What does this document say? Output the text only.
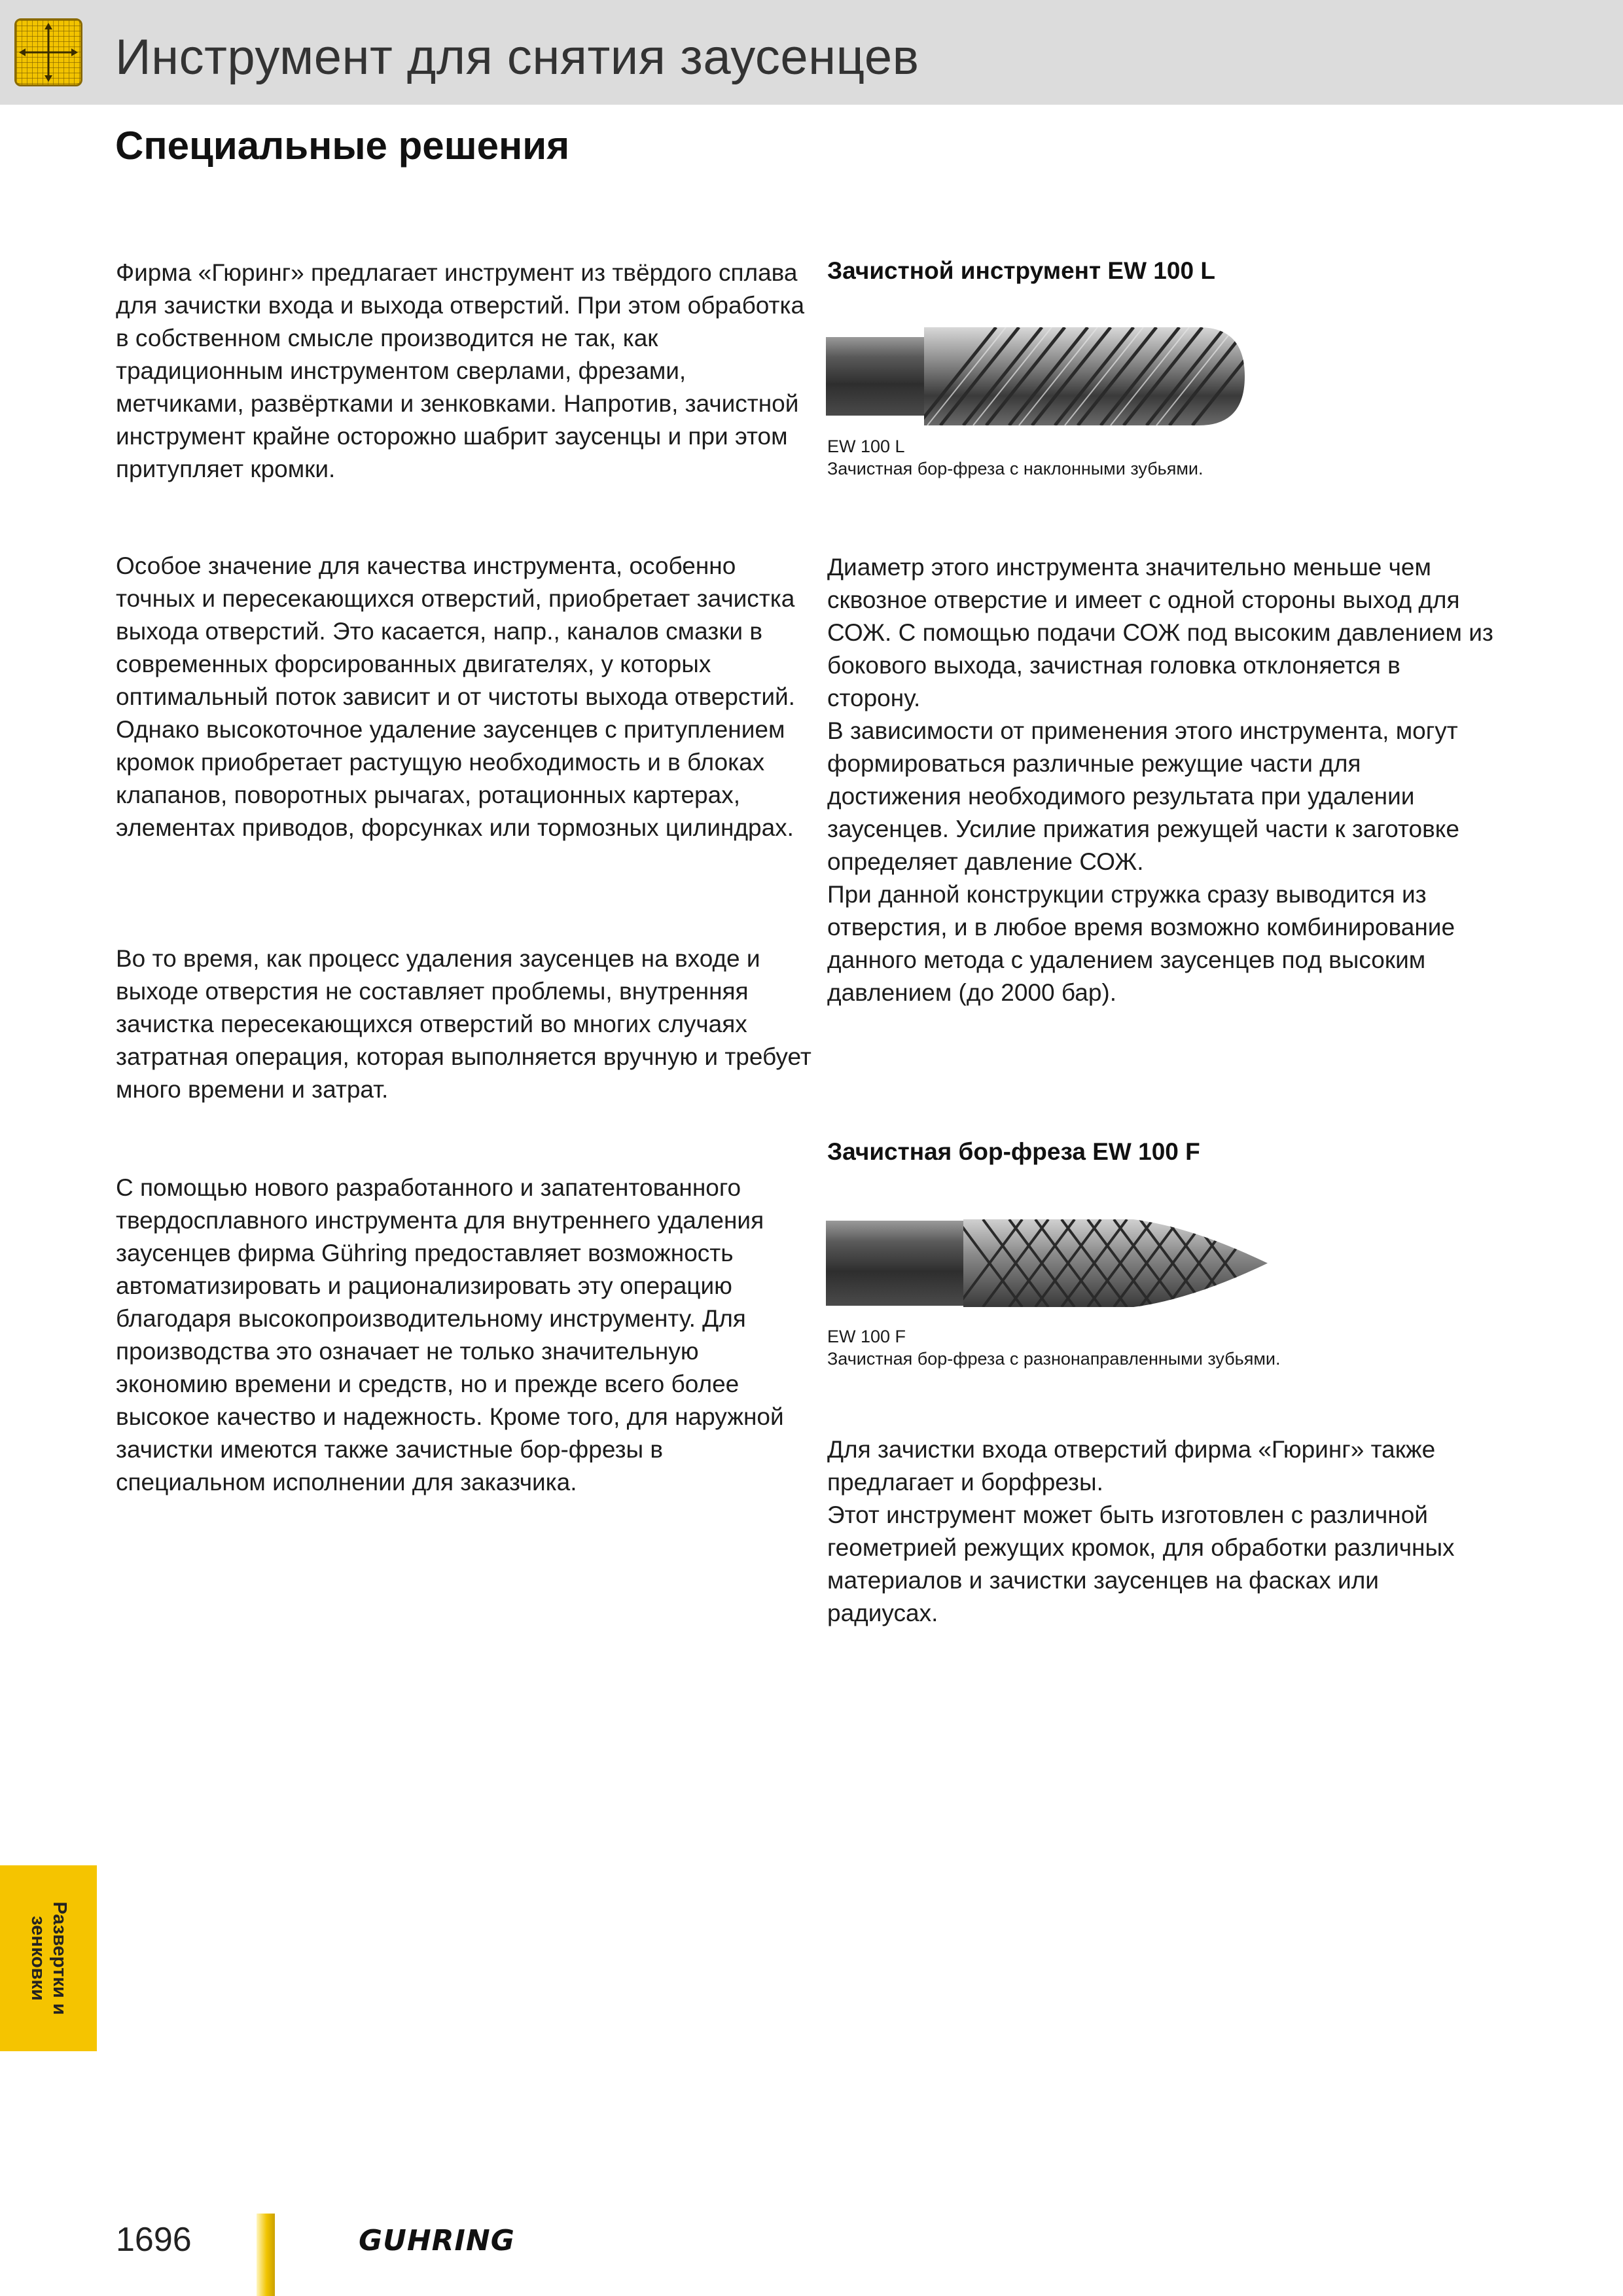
Инструмент для снятия заусенцев
Специальные решения

Фирма «Гюринг» предлагает инструмент из твёрдого сплава для зачистки входа и выхода отверстий. При этом обработка в собственном смысле производится не так, как традиционным инструментом сверлами, фрезами, метчиками, развёртками и зенковками. Напротив, зачистной инструмент крайне осторожно шабрит заусенцы и при этом притупляет кромки.

Особое значение для качества инструмента, особенно точных и пересекающихся отверстий, приобретает зачистка выхода отверстий. Это касается, напр., каналов смазки в современных форсированных двигателях, у которых оптимальный поток зависит и от чистоты выхода отверстий. Однако высокоточное удаление заусенцев с притуплением кромок приобретает растущую необходимость и в блоках клапанов, поворотных рычагах, ротационных картерах, элементах приводов, форсунках или тормозных цилиндрах.

Во то время, как процесс удаления заусенцев на входе и выходе отверстия не составляет проблемы, внутренняя зачистка пересекающихся отверстий во многих случаях затратная операция, которая выполняется вручную и требует много времени и затрат.

С помощью нового разработанного и запатентованного твердосплавного инструмента для внутреннего удаления заусенцев фирма Gühring предоставляет возможность автоматизировать и рационализировать эту операцию благодаря высокопроизводительному инструменту. Для производства это означает не только значительную экономию времени и средств, но и прежде всего более высокое качество и надежность. Кроме того, для наружной зачистки имеются также зачистные бор-фрезы в специальном исполнении для заказчика.

Зачистной инструмент EW 100 L
EW 100 L
Зачистная бор-фреза с наклонными зубьями.

Диаметр этого инструмента значительно меньше чем сквозное отверстие и имеет с одной стороны выход для СОЖ. С помощью подачи СОЖ под высоким давлением из бокового выхода, зачистная головка отклоняется в сторону.

В зависимости от применения этого инструмента, могут формироваться различные режущие части для достижения необходимого результата при удалении заусенцев. Усилие прижатия режущей части к заготовке определяет давление СОЖ.

При данной конструкции стружка сразу выводится из отверстия, и в любое время возможно комбинирование данного метода с удалением заусенцев под высоким давлением (до 2000 бар).

Зачистная бор-фреза EW 100 F
EW 100 F
Зачистная бор-фреза с разнонаправленными зубьями.

Для зачистки входа отверстий фирма «Гюринг» также предлагает и борфрезы.

Этот инструмент может быть изготовлен с различной геометрией режущих кромок, для обработки различных материалов и зачистки заусенцев на фасках или радиусах.

Развертки и
зенковки
1696	GUHRING
